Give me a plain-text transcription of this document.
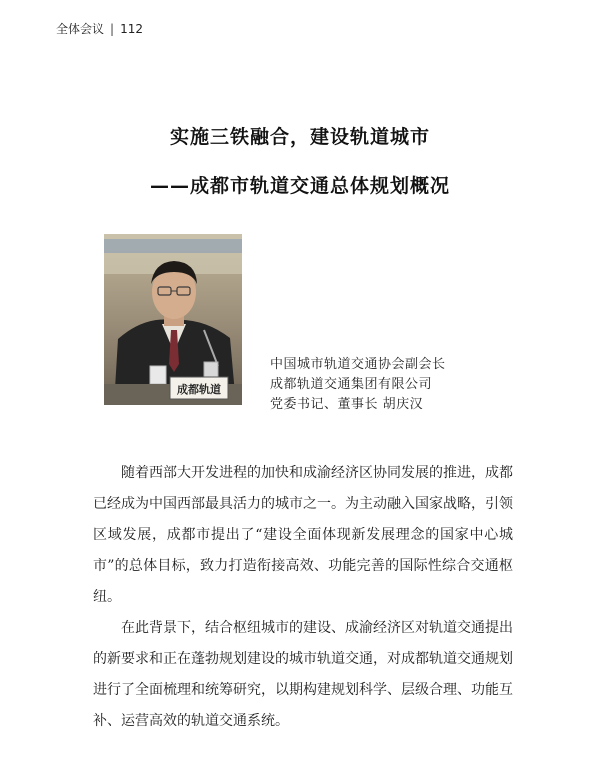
全体会议 | 112
实施三铁融合，建设轨道城市
——成都市轨道交通总体规划概况
成都轨道
中国城市轨道交通协会副会长
成都轨道交通集团有限公司
党委书记、董事长 胡庆汉

随着西部大开发进程的加快和成渝经济区协同发展的推进，成都已经成为中国西部最具活力的城市之一。为主动融入国家战略，引领区域发展，成都市提出了“建设全面体现新发展理念的国家中心城市”的总体目标，致力打造衔接高效、功能完善的国际性综合交通枢纽。

在此背景下，结合枢纽城市的建设、成渝经济区对轨道交通提出的新要求和正在蓬勃规划建设的城市轨道交通，对成都轨道交通规划进行了全面梳理和统筹研究，以期构建规划科学、层级合理、功能互补、运营高效的轨道交通系统。
